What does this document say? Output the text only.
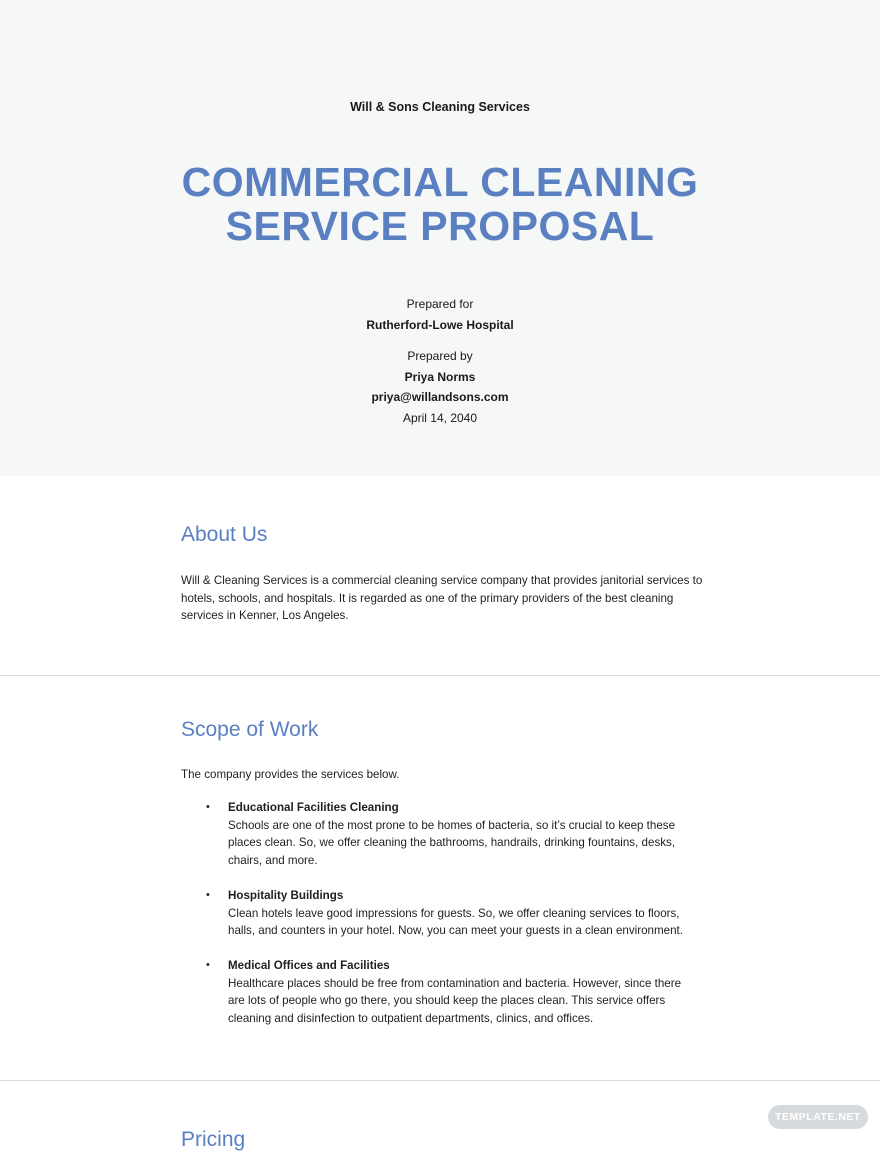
Will & Sons Cleaning Services
COMMERCIAL CLEANING
SERVICE PROPOSAL
Prepared for
Rutherford-Lowe Hospital
Prepared by
Priya Norms
priya@willandsons.com
April 14, 2040
About Us
Will & Cleaning Services is a commercial cleaning service company that provides janitorial services to hotels, schools, and hospitals. It is regarded as one of the primary providers of the best cleaning services in Kenner, Los Angeles.
Scope of Work
The company provides the services below.
• Educational Facilities Cleaning
Schools are one of the most prone to be homes of bacteria, so it’s crucial to keep these places clean. So, we offer cleaning the bathrooms, handrails, drinking fountains, desks, chairs, and more.
• Hospitality Buildings
Clean hotels leave good impressions for guests. So, we offer cleaning services to floors, halls, and counters in your hotel. Now, you can meet your guests in a clean environment.
• Medical Offices and Facilities
Healthcare places should be free from contamination and bacteria. However, since there are lots of people who go there, you should keep the places clean. This service offers cleaning and disinfection to outpatient departments, clinics, and offices.
Pricing
TEMPLATE.NET
